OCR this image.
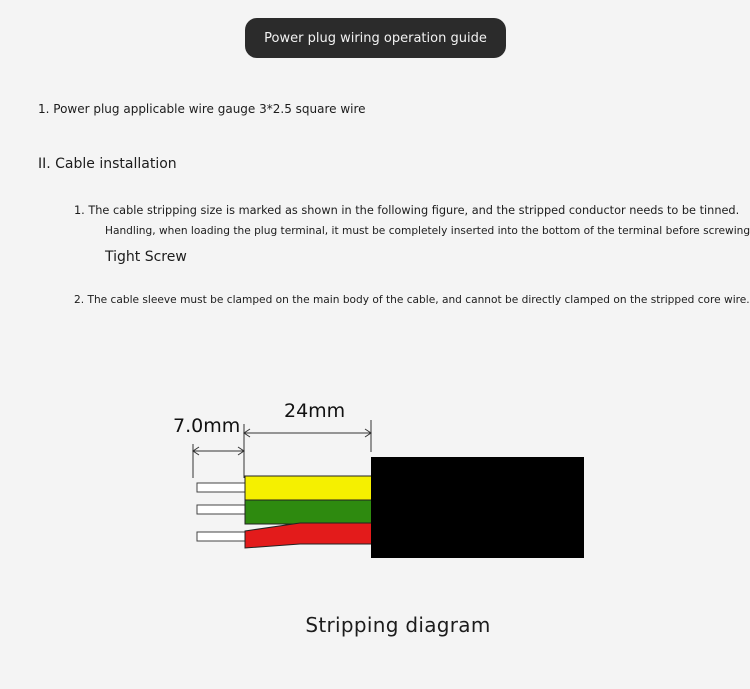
Power plug wiring operation guide
1. Power plug applicable wire gauge 3*2.5 square wire
II. Cable installation
1. The cable stripping size is marked as shown in the following figure, and the stripped conductor needs to be tinned.
Handling, when loading the plug terminal, it must be completely inserted into the bottom of the terminal before screwing
Tight Screw
2. The cable sleeve must be clamped on the main body of the cable, and cannot be directly clamped on the stripped core wire.
7.0mm
24mm
Stripping diagram
